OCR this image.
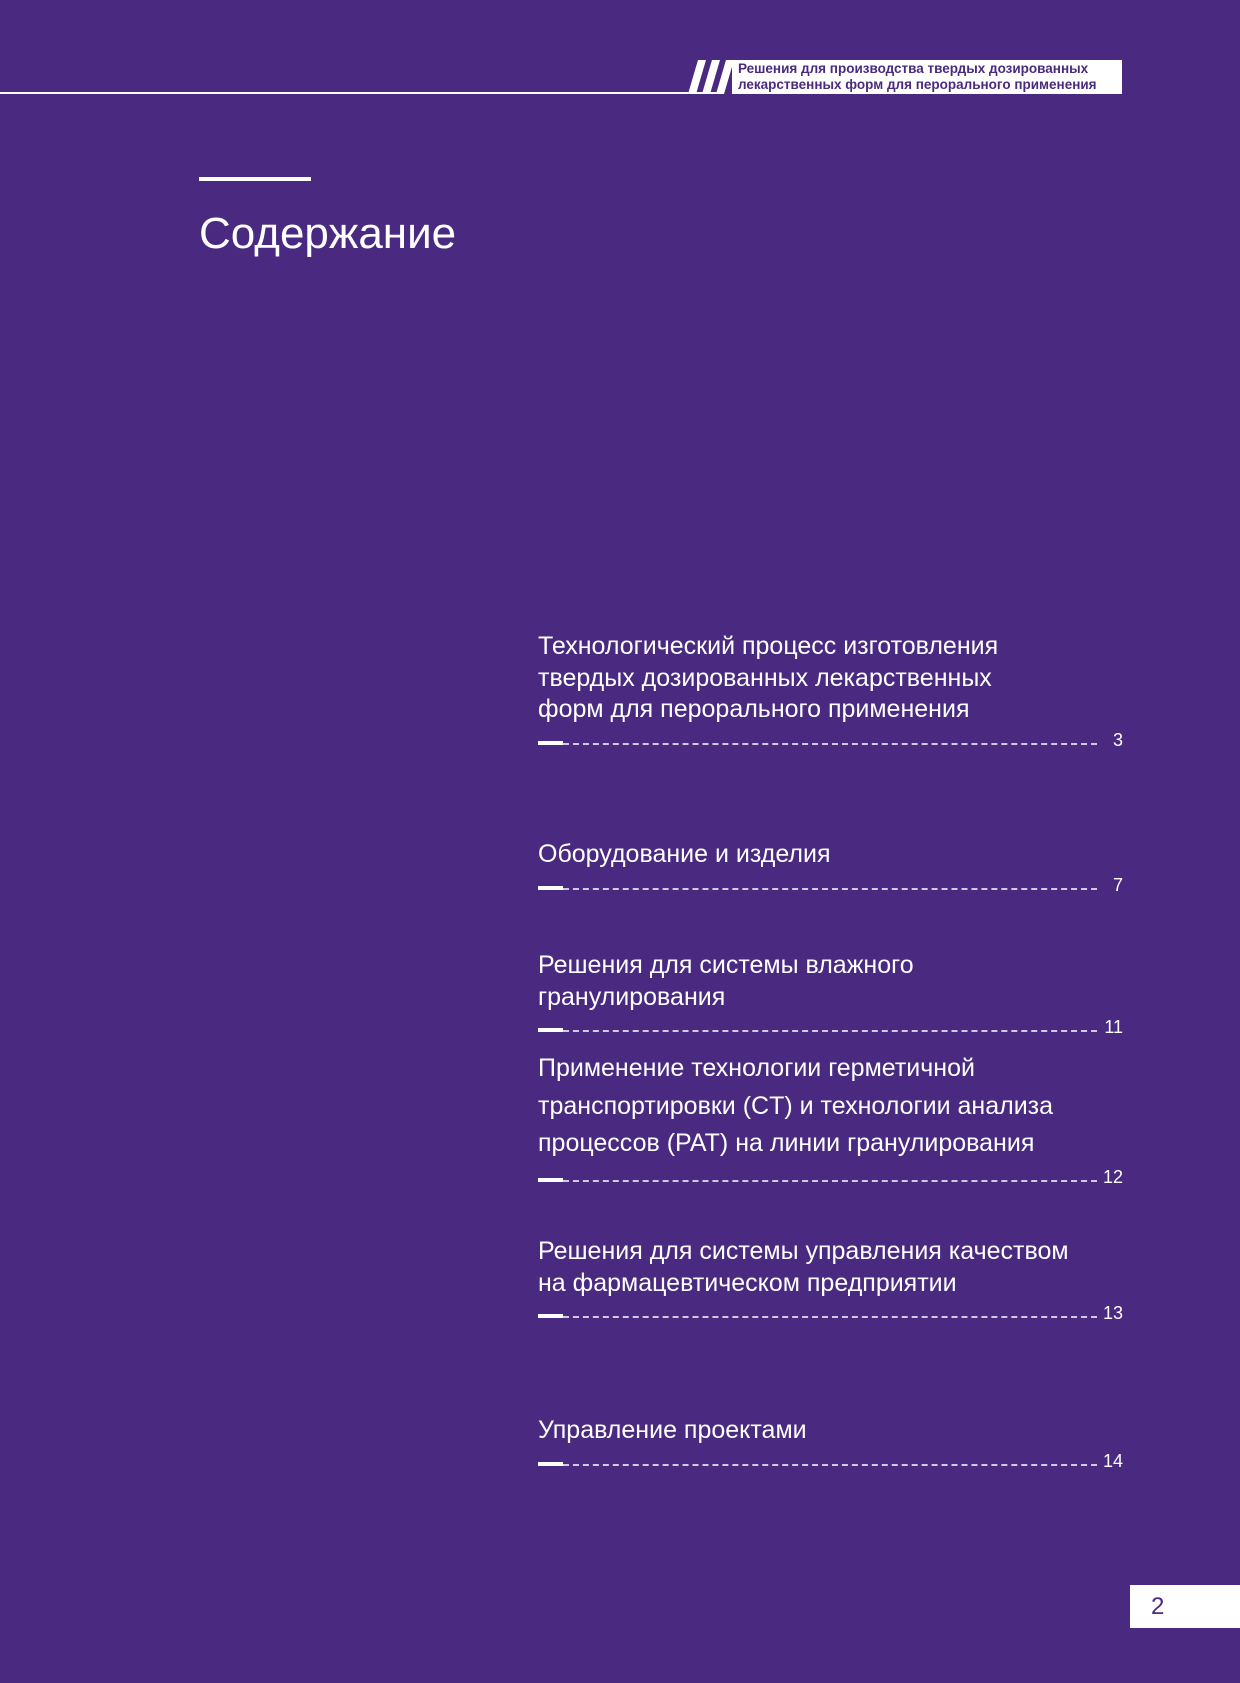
Решения для производства твердых дозированных
лекарственных форм для перорального применения
Содержание
Технологический процесс изготовления
твердых дозированных лекарственных
форм для перорального применения
3
Оборудование и изделия
7
Решения для системы влажного
гранулирования
11
Применение технологии герметичной
транспортировки (CT) и технологии анализа
процессов (PAT) на линии гранулирования
12
Решения для системы управления качеством
на фармацевтическом предприятии
13
Управление проектами
14
2
